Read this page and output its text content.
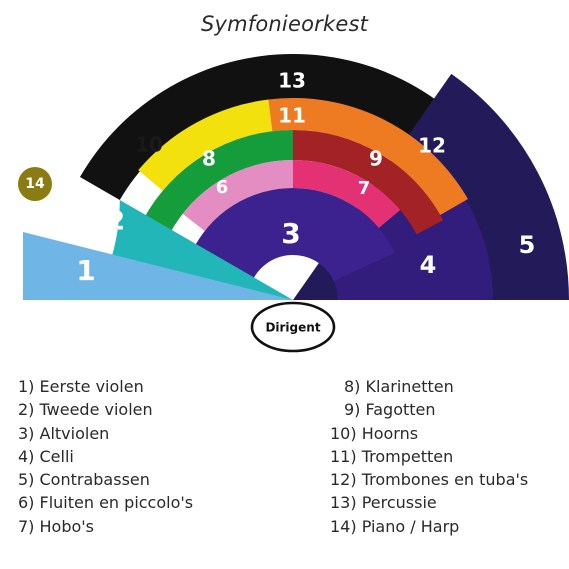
Symfonieorkest
1
2	3
4
5
6	7
8	9
10
11
12
13
14
Dirigent
1) Eerste violen
2) Tweede violen
3) Altviolen
4) Celli
5) Contrabassen
6) Fluiten en piccolo's
7) Hobo's
8) Klarinetten
9) Fagotten
10) Hoorns
11) Trompetten
12) Trombones en tuba's
13) Percussie
14) Piano / Harp
